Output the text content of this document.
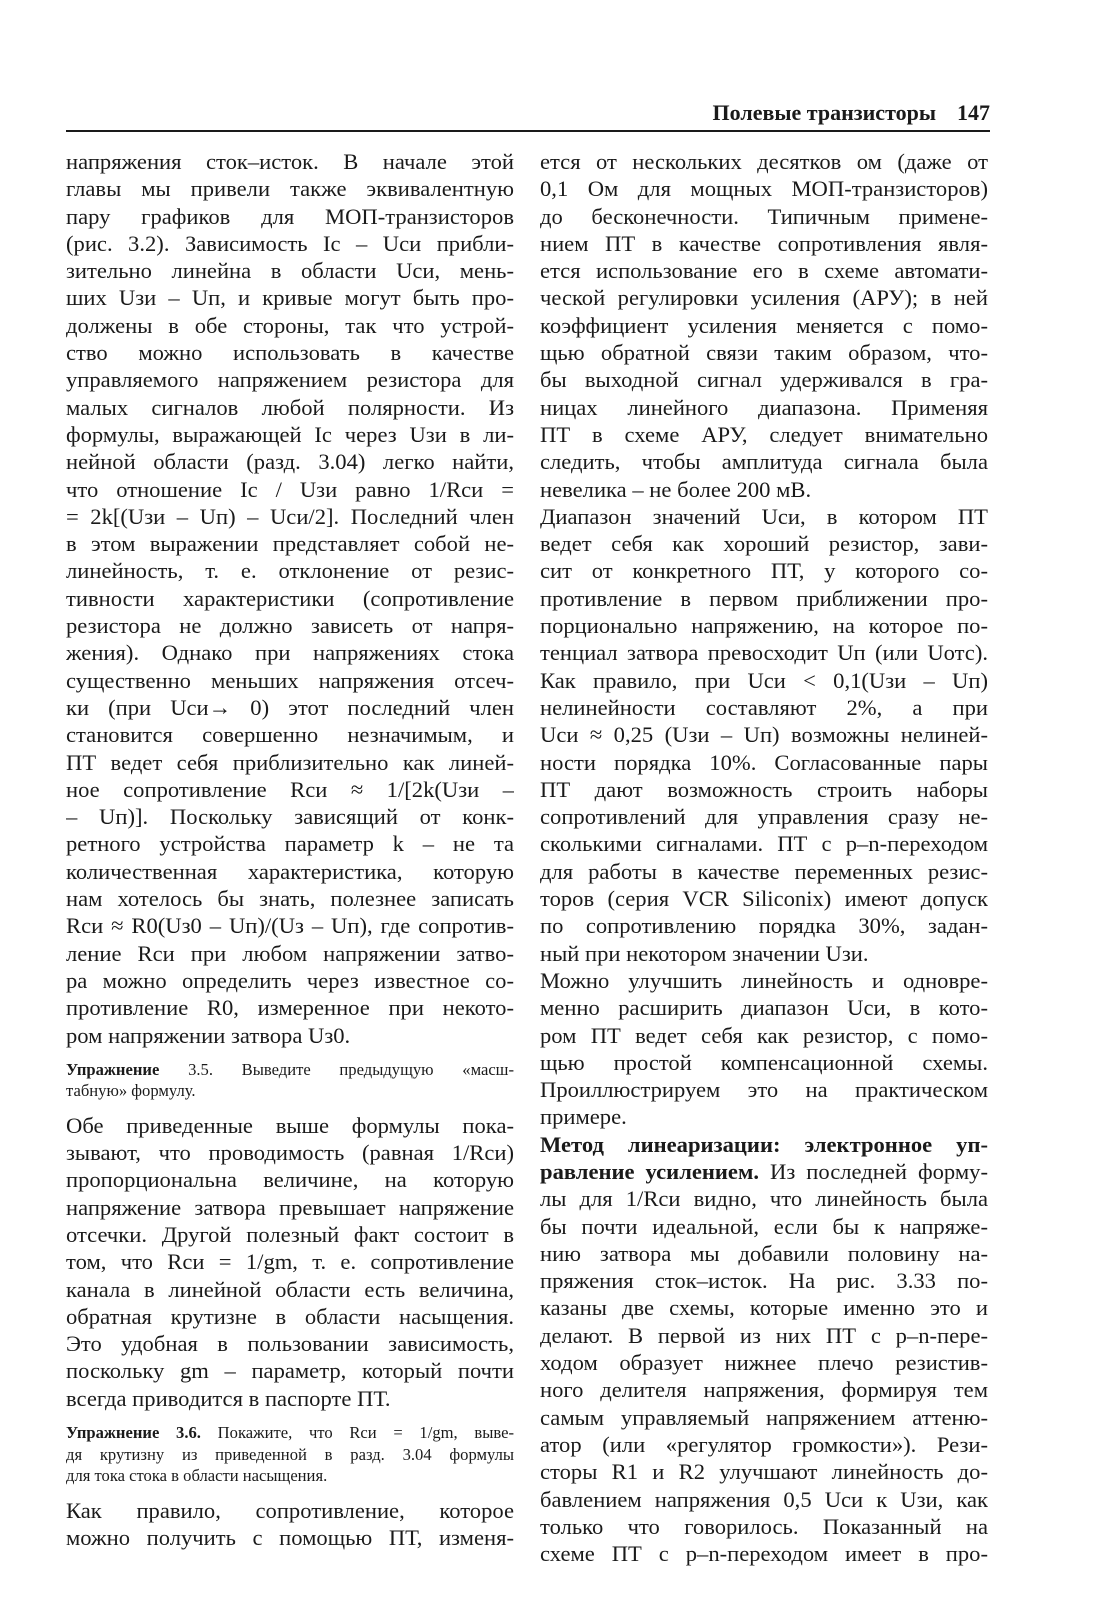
Полевые транзисторы 147
напряжения сток–исток. В начале этой
главы мы привели также эквивалентную
пару графиков для МОП-транзисторов
(рис. 3.2). Зависимость Iс – Uси прибли-
зительно линейна в области Uси, мень-
ших Uзи – Uп, и кривые могут быть про-
должены в обе стороны, так что устрой-
ство можно использовать в качестве
управляемого напряжением резистора для
малых сигналов любой полярности. Из
формулы, выражающей Iс через Uзи в ли-
нейной области (разд. 3.04) легко найти,
что отношение Iс / Uзи равно 1/Rси =
= 2k[(Uзи – Uп) – Uси/2]. Последний член
в этом выражении представляет собой не-
линейность, т. е. отклонение от резис-
тивности характеристики (сопротивление
резистора не должно зависеть от напря-
жения). Однако при напряжениях стока
существенно меньших напряжения отсеч-
ки (при Uси→ 0) этот последний член
становится совершенно незначимым, и
ПТ ведет себя приблизительно как линей-
ное сопротивление Rси ≈ 1/[2k(Uзи –
– Uп)]. Поскольку зависящий от конк-
ретного устройства параметр k – не та
количественная характеристика, которую
нам хотелось бы знать, полезнее записать
Rси ≈ R0(Uз0 – Uп)/(Uз – Uп), где сопротив-
ление Rси при любом напряжении затво-
ра можно определить через известное со-
противление R0, измеренное при некото-
ром напряжении затвора Uз0.
Упражнение 3.5. Выведите предыдущую «масш-
табную» формулу.
Обе приведенные выше формулы пока-
зывают, что проводимость (равная 1/Rси)
пропорциональна величине, на которую
напряжение затвора превышает напряжение
отсечки. Другой полезный факт состоит в
том, что Rси = 1/gm, т. е. сопротивление
канала в линейной области есть величина,
обратная крутизне в области насыщения.
Это удобная в пользовании зависимость,
поскольку gm – параметр, который почти
всегда приводится в паспорте ПТ.
Упражнение 3.6. Покажите, что Rси = 1/gm, выве-
дя крутизну из приведенной в разд. 3.04 формулы
для тока стока в области насыщения.
Как правило, сопротивление, которое
можно получить с помощью ПТ, изменя-
ется от нескольких десятков ом (даже от
0,1 Ом для мощных МОП-транзисторов)
до бесконечности. Типичным примене-
нием ПТ в качестве сопротивления явля-
ется использование его в схеме автомати-
ческой регулировки усиления (АРУ); в ней
коэффициент усиления меняется с помо-
щью обратной связи таким образом, что-
бы выходной сигнал удерживался в гра-
ницах линейного диапазона. Применяя
ПТ в схеме АРУ, следует внимательно
следить, чтобы амплитуда сигнала была
невелика – не более 200 мВ.
Диапазон значений Uси, в котором ПТ
ведет себя как хороший резистор, зави-
сит от конкретного ПТ, у которого со-
противление в первом приближении про-
порционально напряжению, на которое по-
тенциал затвора превосходит Uп (или Uотс).
Как правило, при Uси < 0,1(Uзи – Uп)
нелинейности составляют 2%, а при
Uси ≈ 0,25 (Uзи – Uп) возможны нелиней-
ности порядка 10%. Согласованные пары
ПТ дают возможность строить наборы
сопротивлений для управления сразу не-
сколькими сигналами. ПТ с p–n-переходом
для работы в качестве переменных резис-
торов (серия VCR Siliconix) имеют допуск
по сопротивлению порядка 30%, задан-
ный при некотором значении Uзи.
Можно улучшить линейность и одновре-
менно расширить диапазон Uси, в кото-
ром ПТ ведет себя как резистор, с помо-
щью простой компенсационной схемы.
Проиллюстрируем это на практическом
примере.
Метод линеаризации: электронное уп-
равление усилением. Из последней форму-
лы для 1/Rси видно, что линейность была
бы почти идеальной, если бы к напряже-
нию затвора мы добавили половину на-
пряжения сток–исток. На рис. 3.33 по-
казаны две схемы, которые именно это и
делают. В первой из них ПТ с p–n-пере-
ходом образует нижнее плечо резистив-
ного делителя напряжения, формируя тем
самым управляемый напряжением аттеню-
атор (или «регулятор громкости»). Рези-
сторы R1 и R2 улучшают линейность до-
бавлением напряжения 0,5 Uси к Uзи, как
только что говорилось. Показанный на
схеме ПТ с p–n-переходом имеет в про-
